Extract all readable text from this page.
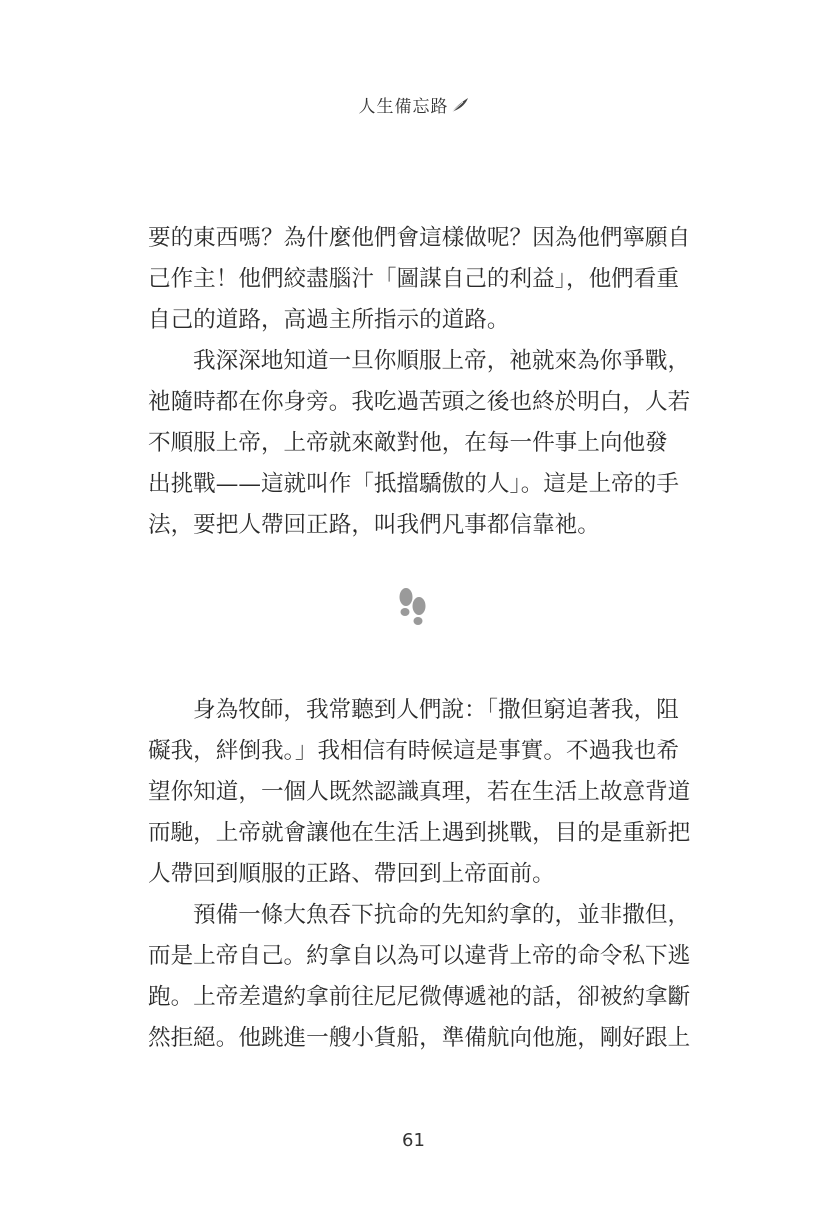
人生備忘路
要的東西嗎？為什麼他們會這樣做呢？因為他們寧願自
己作主！他們絞盡腦汁「圖謀自己的利益」，他們看重
自己的道路，高過主所指示的道路。
我深深地知道一旦你順服上帝，祂就來為你爭戰，
祂隨時都在你身旁。我吃過苦頭之後也終於明白，人若
不順服上帝，上帝就來敵對他，在每一件事上向他發
出挑戰——這就叫作「抵擋驕傲的人」。這是上帝的手
法，要把人帶回正路，叫我們凡事都信靠祂。
身為牧師，我常聽到人們說：「撒但窮追著我，阻
礙我，絆倒我。」我相信有時候這是事實。不過我也希
望你知道，一個人既然認識真理，若在生活上故意背道
而馳，上帝就會讓他在生活上遇到挑戰，目的是重新把
人帶回到順服的正路、帶回到上帝面前。
預備一條大魚吞下抗命的先知約拿的，並非撒但，
而是上帝自己。約拿自以為可以違背上帝的命令私下逃
跑。上帝差遣約拿前往尼尼微傳遞祂的話，卻被約拿斷
然拒絕。他跳進一艘小貨船，準備航向他施，剛好跟上
61
